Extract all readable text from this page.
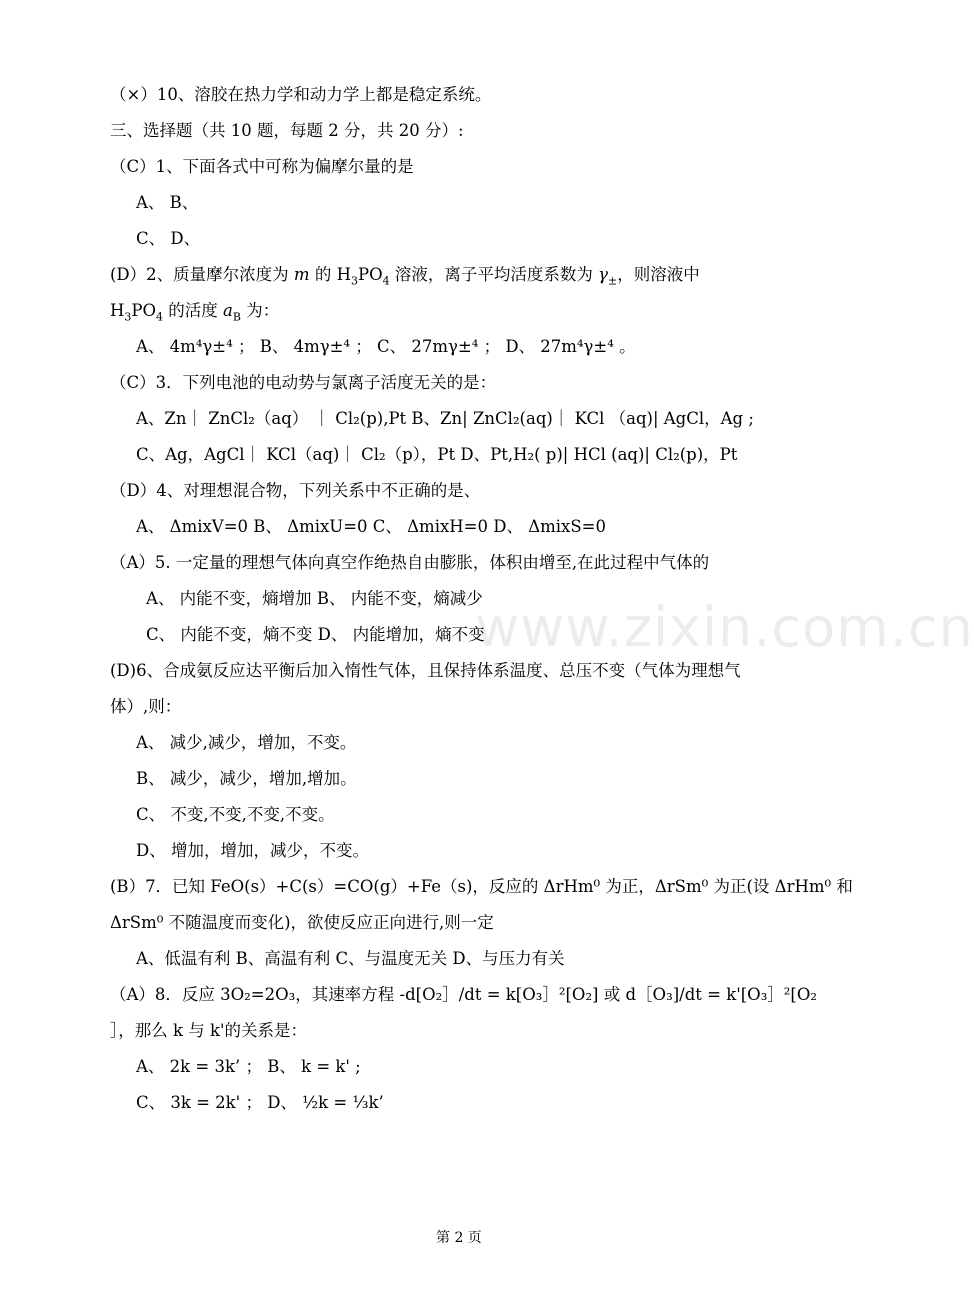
www.zixin.com.cn
（×）10、溶胶在热力学和动力学上都是稳定系统。
三、选择题（共 10 题，每题 2 分，共 20 分）:
（C）1、下面各式中可称为偏摩尔量的是
A、 B、
C、 D、
(D）2、质量摩尔浓度为 m 的 $H_3PO_4$ 溶液，离子平均活度系数为 $\gamma_\pm$，则溶液中
$H_3PO_4$ 的活度 $a_B$ 为：
A、 4m⁴γ±⁴ ； B、 4mγ±⁴ ； C、 27mγ±⁴ ； D、 27m⁴γ±⁴ 。
（C）3．下列电池的电动势与氯离子活度无关的是：
A、Zn｜ ZnCl₂（aq） ｜ Cl₂(p),Pt B、Zn| ZnCl₂(aq)｜ KCl （aq)| AgCl，Ag ;
C、Ag，AgCl｜ KCl（aq)｜ Cl₂（p），Pt D、Pt,H₂( p)| HCl (aq)| Cl₂(p)，Pt
（D）4、对理想混合物，下列关系中不正确的是、
A、 ΔmixV=0 B、 ΔmixU=0 C、 ΔmixH=0 D、 ΔmixS=0
（A）5. 一定量的理想气体向真空作绝热自由膨胀，体积由增至,在此过程中气体的
A、 内能不变，熵增加 B、 内能不变，熵减少
C、 内能不变，熵不变 D、 内能增加，熵不变
(D)6、合成氨反应达平衡后加入惰性气体，且保持体系温度、总压不变（气体为理想气
体）,则：
A、 减少,减少，增加，不变。
B、 减少，减少，增加,增加。
C、 不变,不变,不变,不变。
D、 增加，增加，减少，不变。
(B）7．已知 FeO(s）+C(s）=CO(g）+Fe（s)，反应的 ΔrHm⁰ 为正，ΔrSm⁰ 为正(设 ΔrHm⁰ 和
ΔrSm⁰ 不随温度而变化)，欲使反应正向进行,则一定
A、低温有利 B、高温有利 C、与温度无关 D、与压力有关
（A）8．反应 3O₂=2O₃，其速率方程 -d[O₂］/dt = k[O₃］²[O₂] 或 d［O₃]/dt = k'[O₃］²[O₂
］，那么 k 与 k'的关系是：
A、 2k = 3k’ ； B、 k = k' ;
C、 3k = 2k' ； D、 ½k = ⅓k’
第 2 页
